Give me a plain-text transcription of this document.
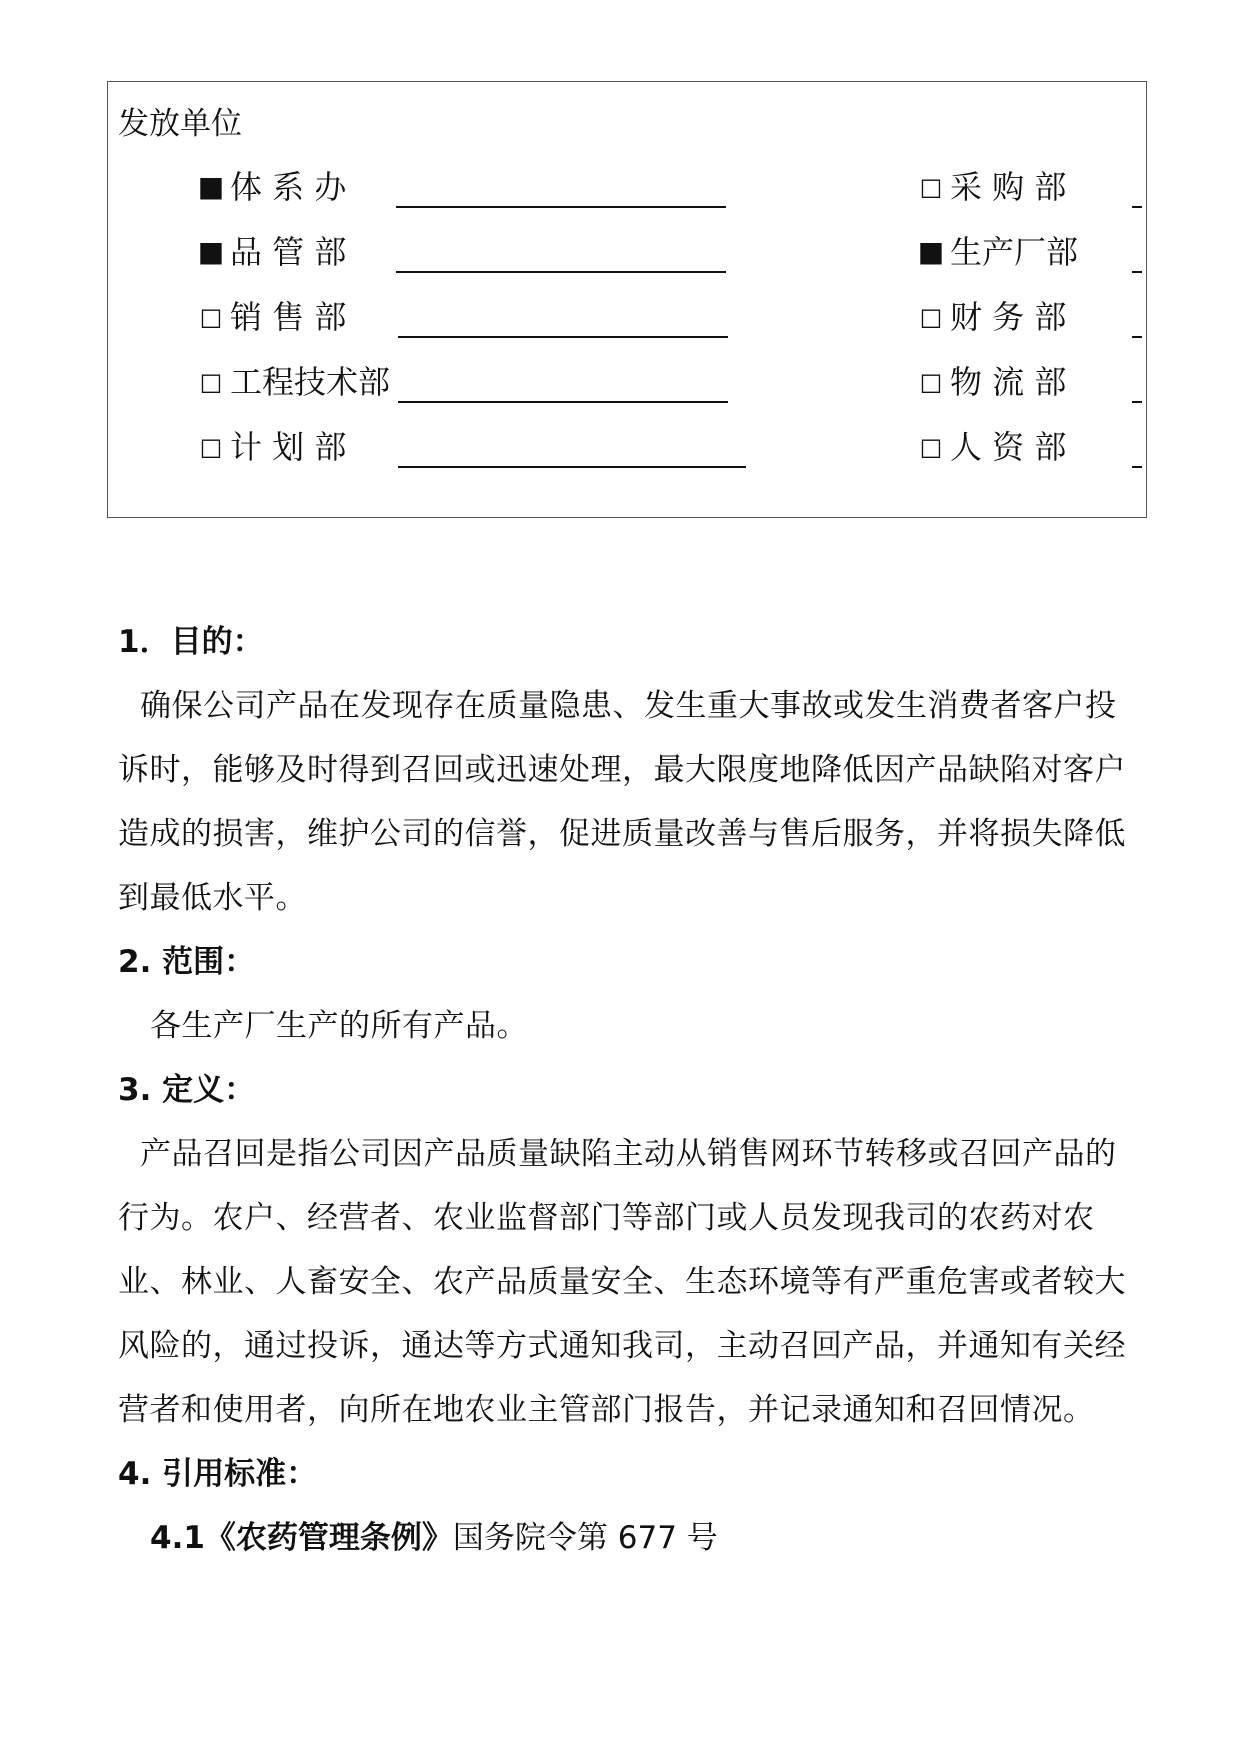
发放单位
■ 体 系 办
■ 品 管 部
□ 销 售 部
□ 工程技术部
□ 计 划 部
□ 采 购 部
■ 生产厂部
□ 财 务 部
□ 物 流 部
□ 人 资 部

1．目的：

确保公司产品在发现存在质量隐患、发生重大事故或发生消费者客户投诉时，能够及时得到召回或迅速处理，最大限度地降低因产品缺陷对客户造成的损害，维护公司的信誉，促进质量改善与售后服务，并将损失降低到最低水平。

2. 范围：

各生产厂生产的所有产品。

3. 定义：

产品召回是指公司因产品质量缺陷主动从销售网环节转移或召回产品的行为。农户、经营者、农业监督部门等部门或人员发现我司的农药对农业、林业、人畜安全、农产品质量安全、生态环境等有严重危害或者较大风险的，通过投诉，通达等方式通知我司，主动召回产品，并通知有关经营者和使用者，向所在地农业主管部门报告，并记录通知和召回情况。

4. 引用标准：

4.1《农药管理条例》国务院令第 677 号
